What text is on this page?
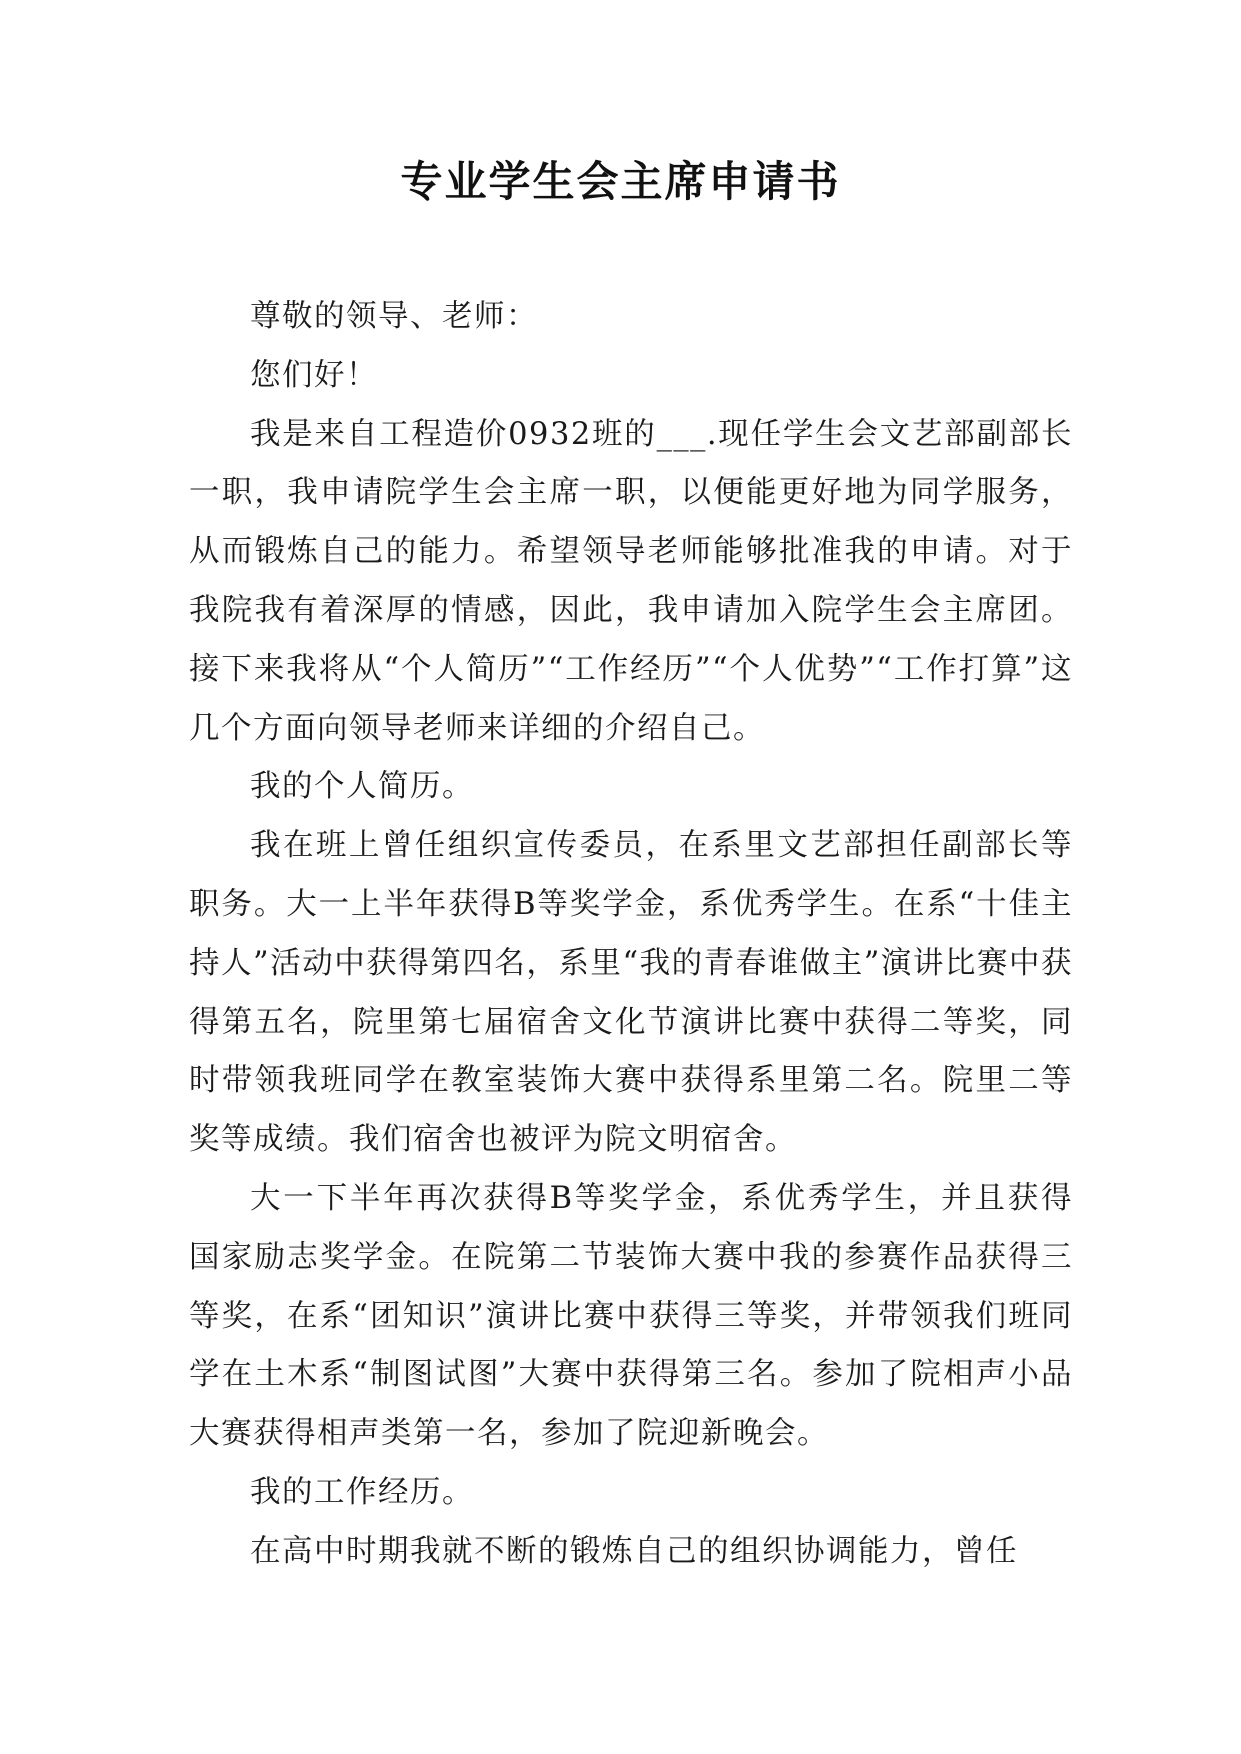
专业学生会主席申请书

尊敬的领导、老师：

您们好！

我是来自工程造价0932班的___.现任学生会文艺部副部长一职，我申请院学生会主席一职，以便能更好地为同学服务，从而锻炼自己的能力。希望领导老师能够批准我的申请。对于我院我有着深厚的情感，因此，我申请加入院学生会主席团。接下来我将从“个人简历”“工作经历”“个人优势”“工作打算”这几个方面向领导老师来详细的介绍自己。

我的个人简历。

我在班上曾任组织宣传委员，在系里文艺部担任副部长等职务。大一上半年获得B等奖学金，系优秀学生。在系“十佳主持人”活动中获得第四名，系里“我的青春谁做主”演讲比赛中获得第五名，院里第七届宿舍文化节演讲比赛中获得二等奖，同时带领我班同学在教室装饰大赛中获得系里第二名。院里二等奖等成绩。我们宿舍也被评为院文明宿舍。

大一下半年再次获得B等奖学金，系优秀学生，并且获得国家励志奖学金。在院第二节装饰大赛中我的参赛作品获得三等奖，在系“团知识”演讲比赛中获得三等奖，并带领我们班同学在土木系“制图试图”大赛中获得第三名。参加了院相声小品大赛获得相声类第一名，参加了院迎新晚会。

我的工作经历。

在高中时期我就不断的锻炼自己的组织协调能力，曾任
